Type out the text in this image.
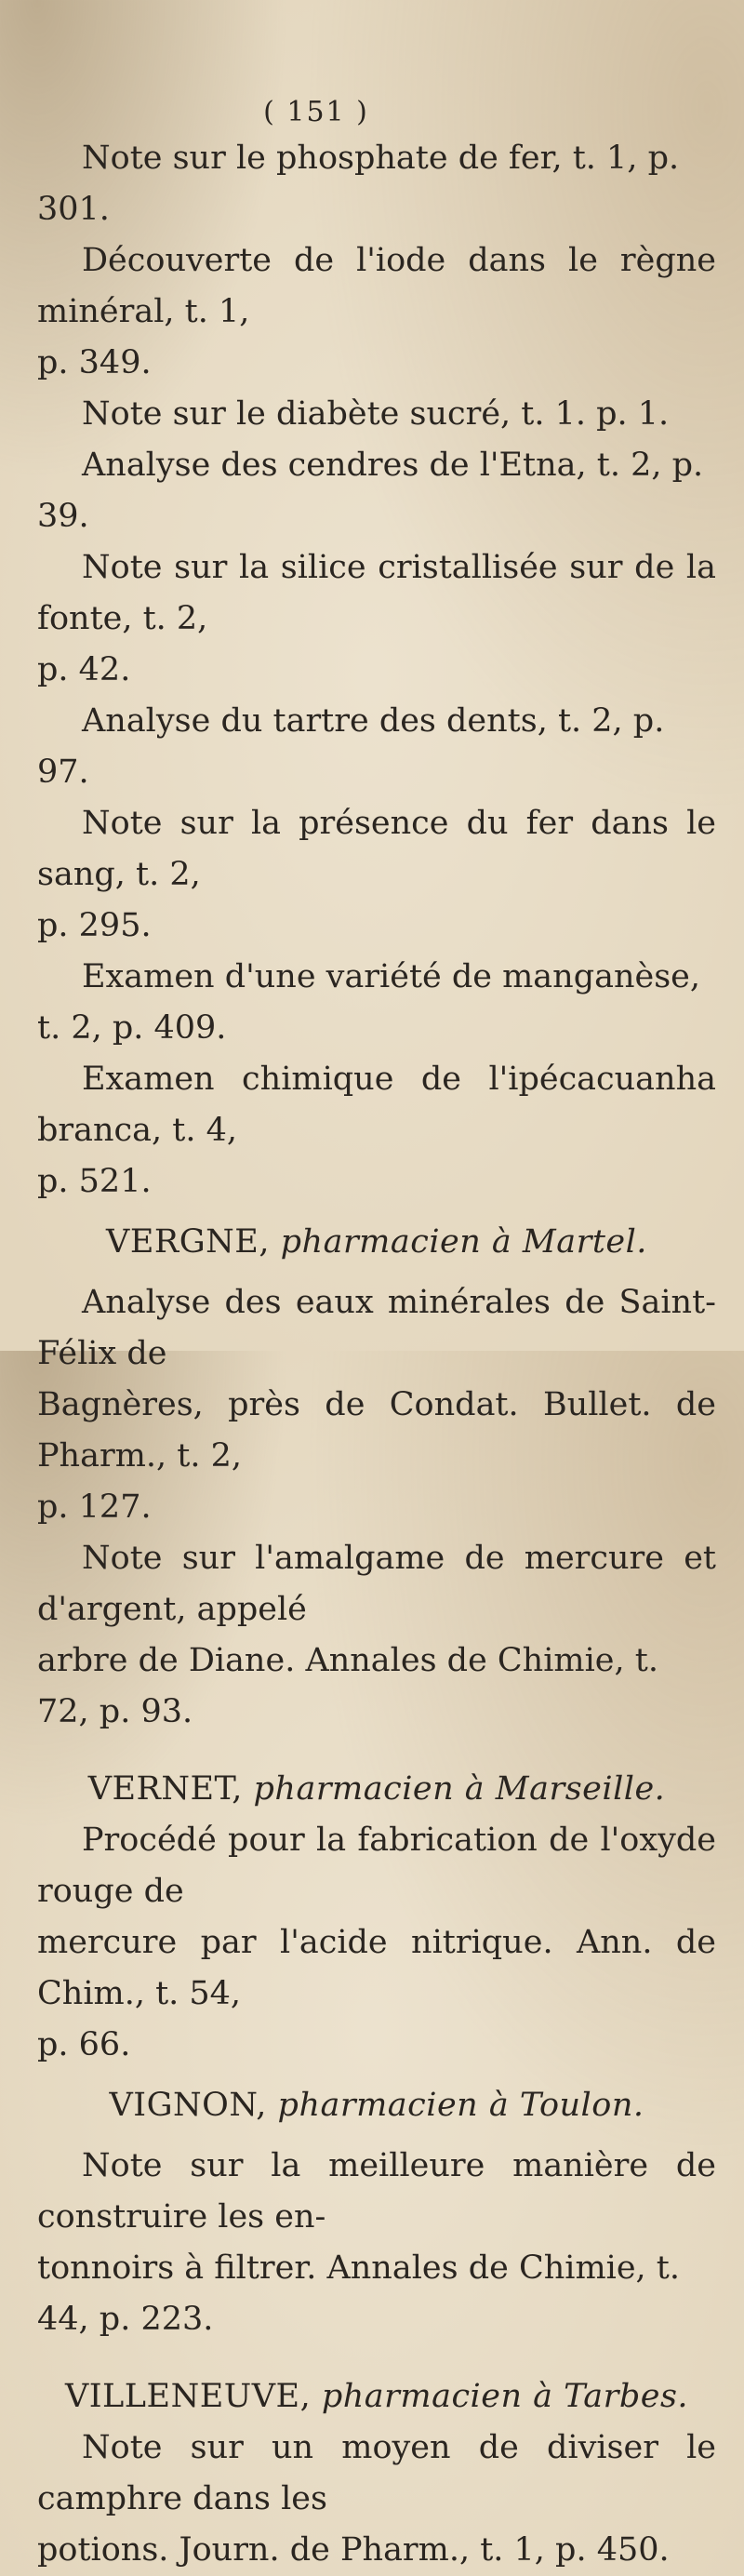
( 151 )

Note sur le phosphate de fer, t. 1, p. 301.

Découverte de l'iode dans le règne minéral, t. 1,

p. 349.

Note sur le diabète sucré, t. 1. p. 1.

Analyse des cendres de l'Etna, t. 2, p. 39.

Note sur la silice cristallisée sur de la fonte, t. 2,

p. 42.

Analyse du tartre des dents, t. 2, p. 97.

Note sur la présence du fer dans le sang, t. 2,

p. 295.

Examen d'une variété de manganèse, t. 2, p. 409.

Examen chimique de l'ipécacuanha branca, t. 4,

p. 521.

VERGNE, pharmacien à Martel.

Analyse des eaux minérales de Saint-Félix de

Bagnères, près de Condat. Bullet. de Pharm., t. 2,

p. 127.

Note sur l'amalgame de mercure et d'argent, appelé

arbre de Diane. Annales de Chimie, t. 72, p. 93.

VERNET, pharmacien à Marseille.

Procédé pour la fabrication de l'oxyde rouge de

mercure par l'acide nitrique. Ann. de Chim., t. 54,

p. 66.

VIGNON, pharmacien à Toulon.

Note sur la meilleure manière de construire les en-

tonnoirs à filtrer. Annales de Chimie, t. 44, p. 223.

VILLENEUVE, pharmacien à Tarbes.

Note sur un moyen de diviser le camphre dans les

potions. Journ. de Pharm., t. 1, p. 450.
